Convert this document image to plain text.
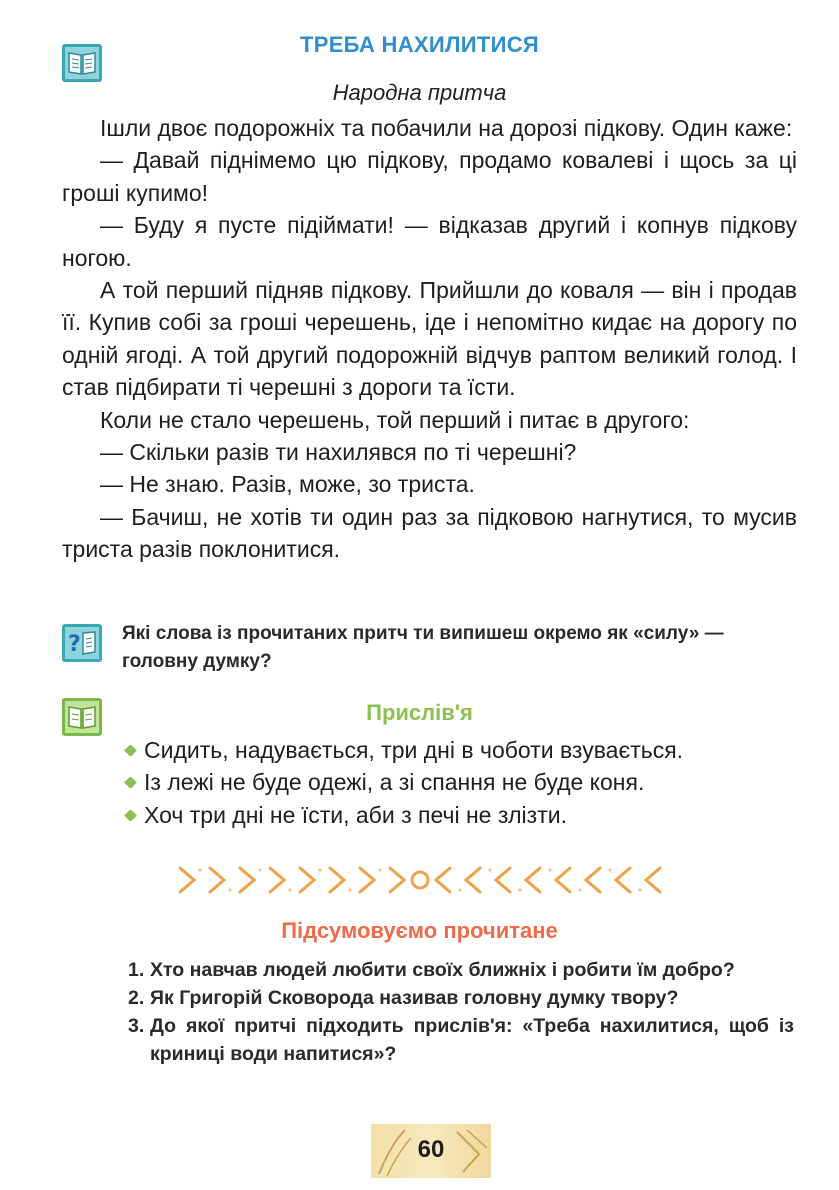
ТРЕБА НАХИЛИТИСЯ
Народна притча

Ішли двоє подорожніх та побачили на дорозі підкову. Один каже:

— Давай піднімемо цю підкову, продамо ковалеві і щось за ці гроші купимо!

— Буду я пусте підіймати! — відказав другий і копнув підкову ногою.

А той перший підняв підкову. Прийшли до коваля — він і продав її. Купив собі за гроші черешень, іде і непомітно кидає на дорогу по одній ягоді. А той другий подорожній відчув раптом великий голод. І став підбирати ті черешні з дороги та їсти.

Коли не стало черешень, той перший і питає в другого:

— Скільки разів ти нахилявся по ті черешні?

— Не знаю. Разів, може, зо триста.

— Бачиш, не хотів ти один раз за підковою нагнутися, то мусив триста разів поклонитися.

? Які слова із прочитаних притч ти випишеш окремо як «силу» — головну думку?
Прислів'я
Сидить, надувається, три дні в чоботи взувається.
Із лежі не буде одежі, а зі спання не буде коня.
Хоч три дні не їсти, аби з печі не злізти.
Підсумовуємо прочитане
1. Хто навчав людей любити своїх ближніх і робити їм добро?
2. Як Григорій Сковорода називав головну думку твору?
3. До якої притчі підходить прислів'я: «Треба нахилитися, щоб із криниці води напитися»?
60
